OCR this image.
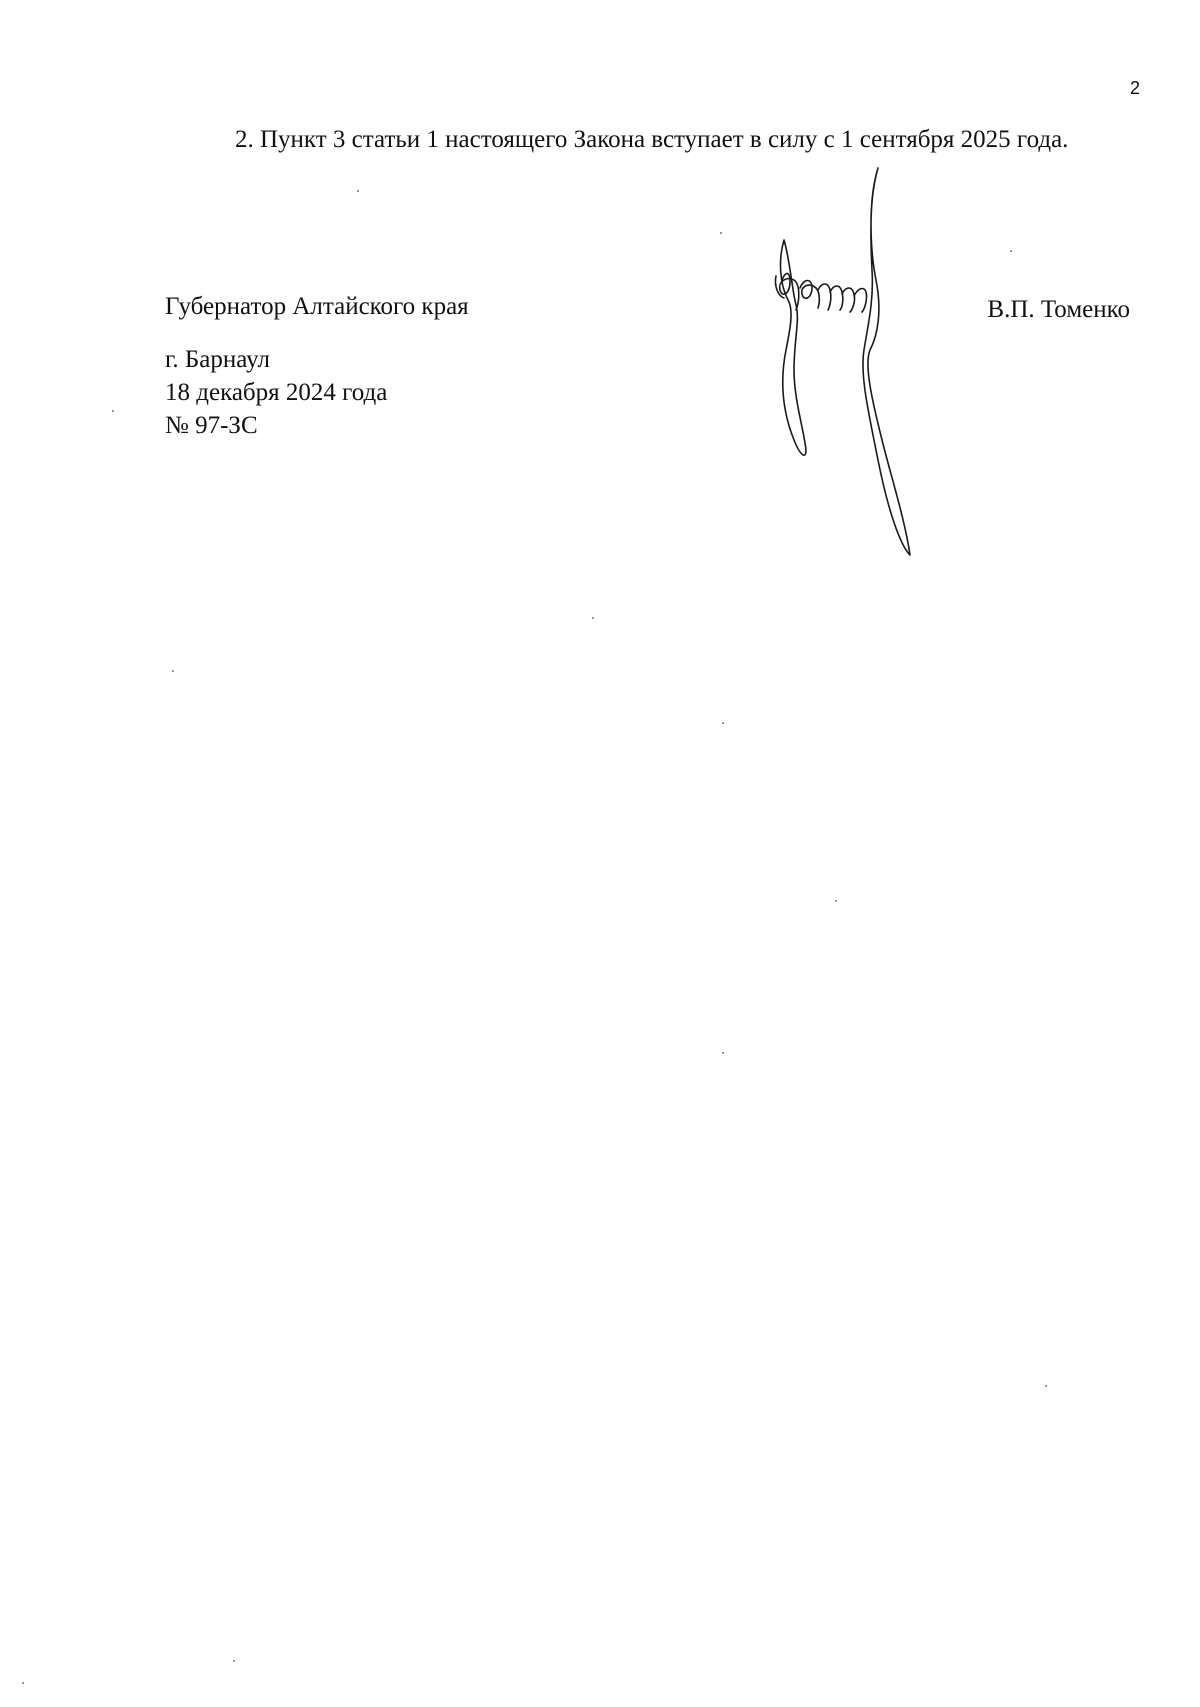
2

2. Пункт 3 статьи 1 настоящего Закона вступает в силу с 1 сентября 2025 года.

Губернатор Алтайского края	В.П. Томенко
г. Барнаул
18 декабря 2024 года
№ 97-ЗС
